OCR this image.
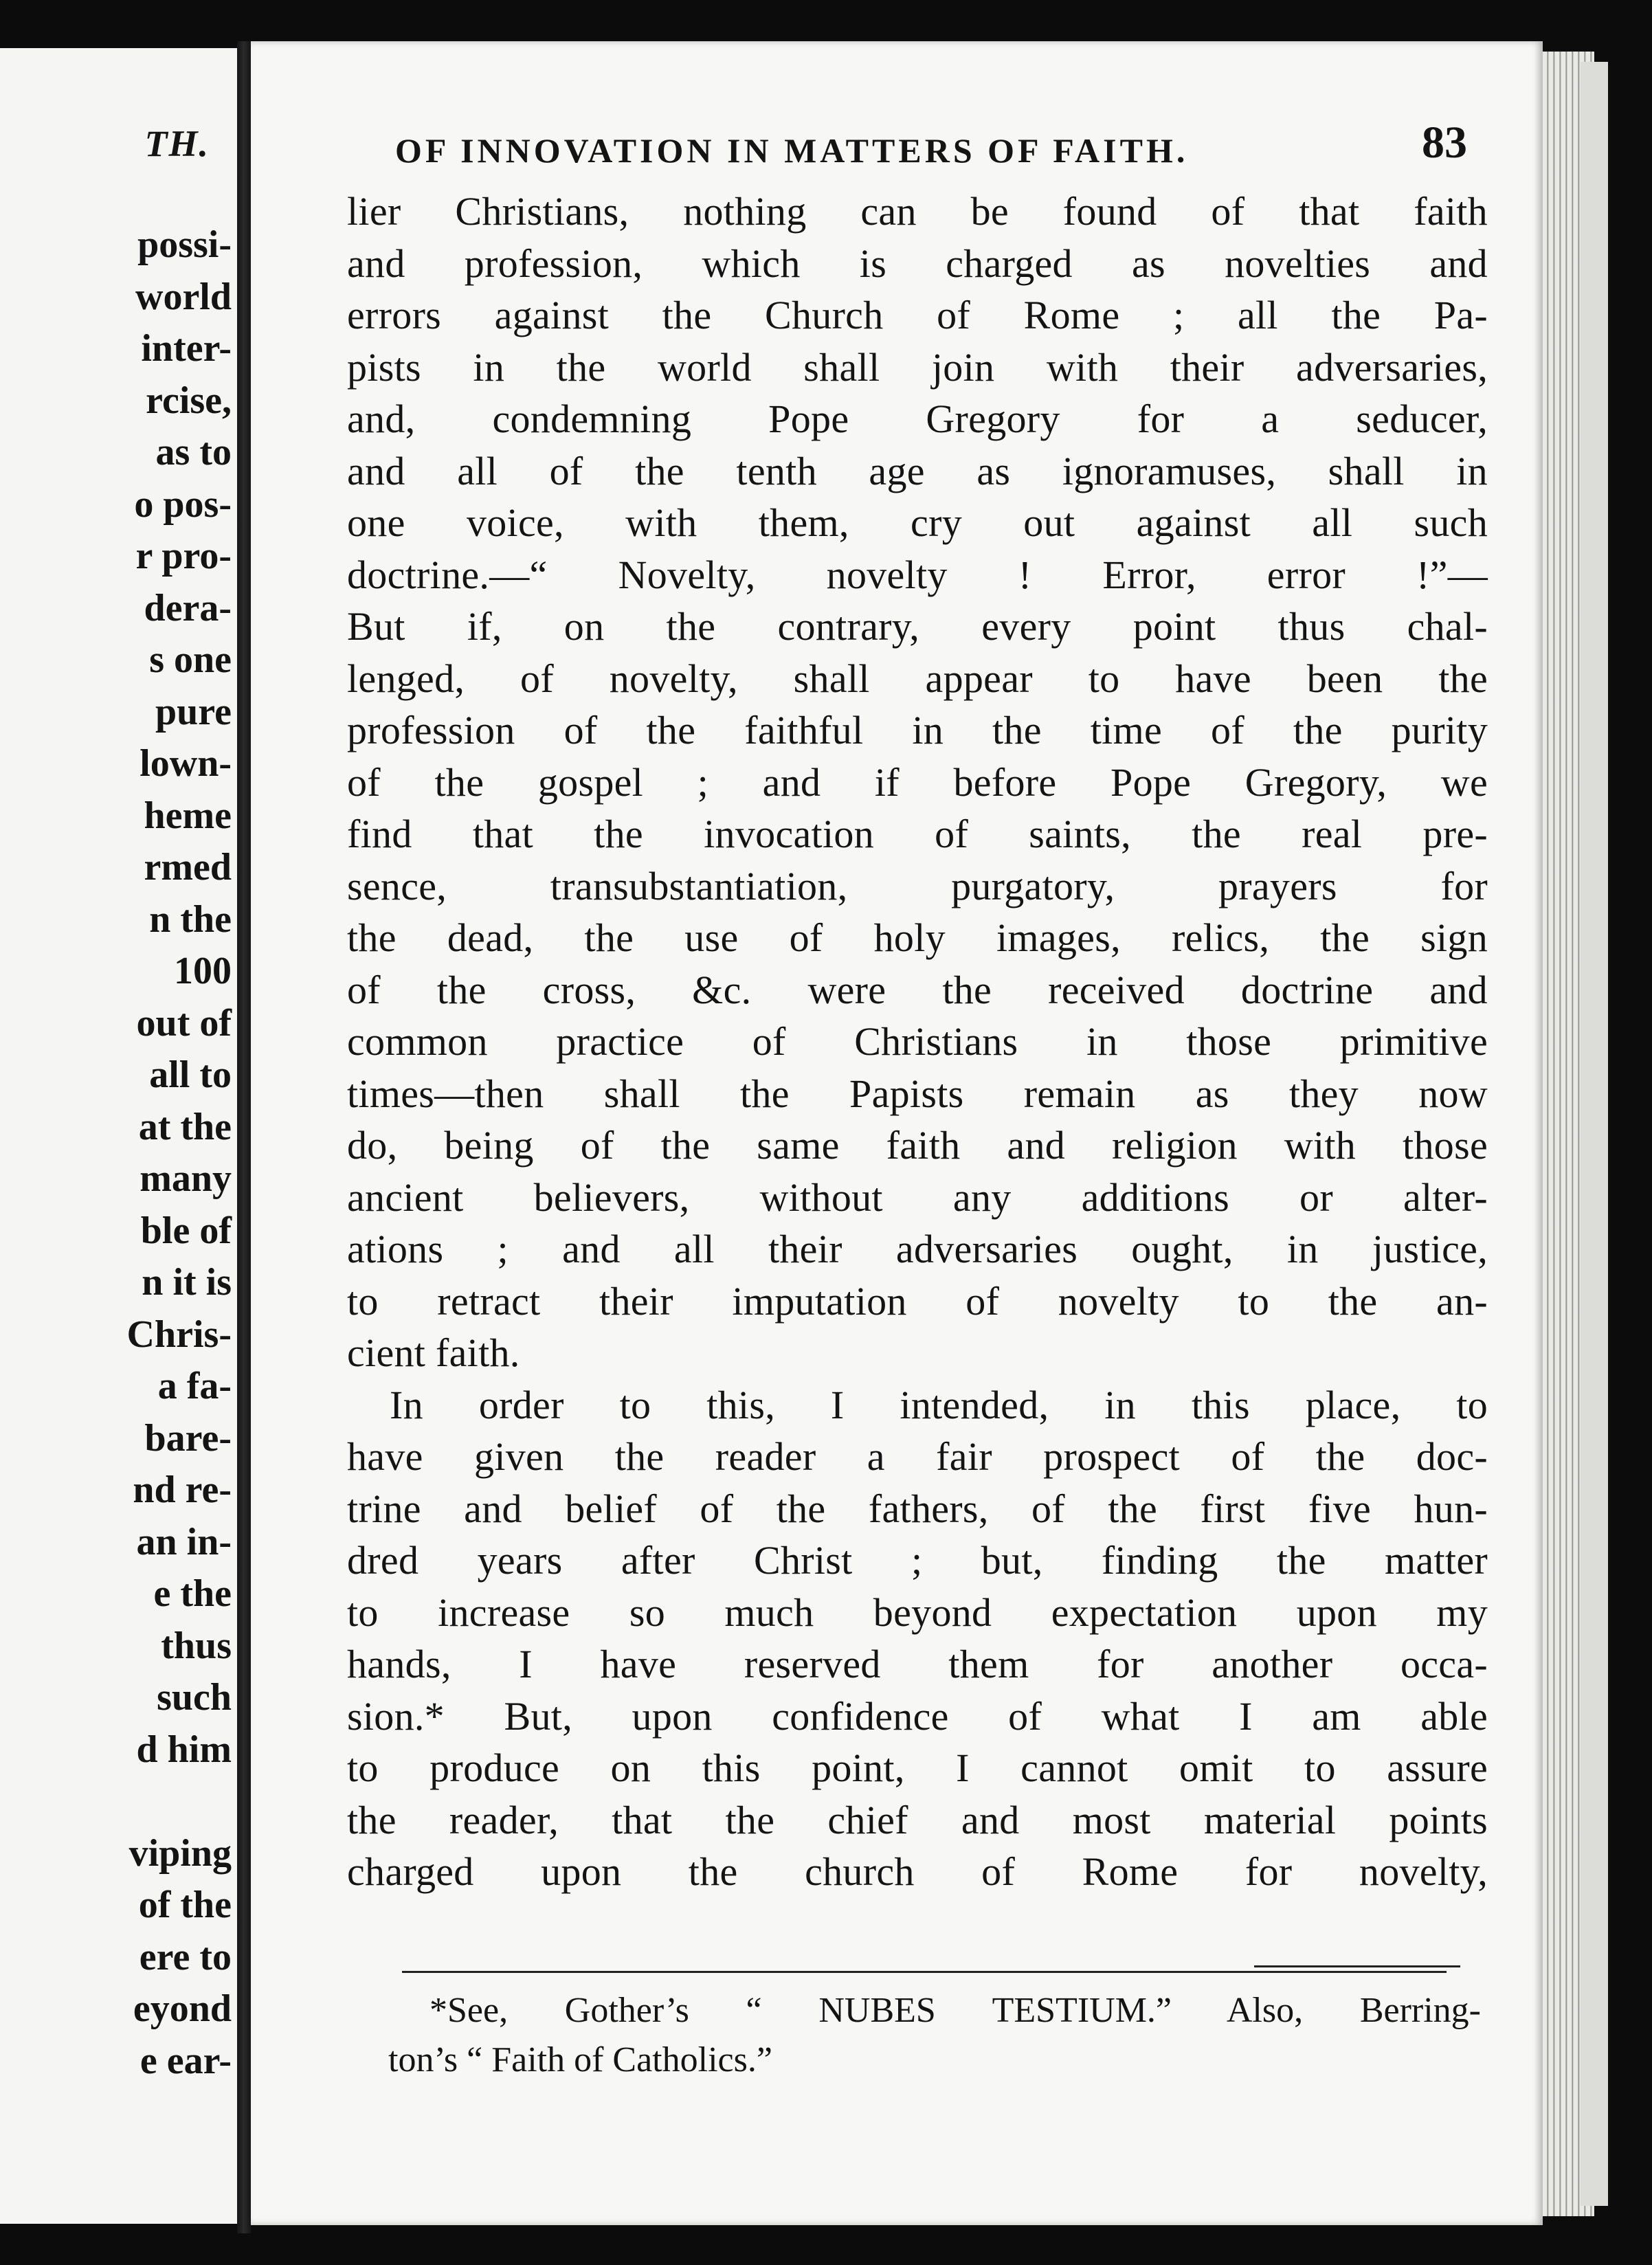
TH.

possi-

world

inter-

rcise,

as to

o pos-

r pro-

dera-

s one

pure

lown-

heme

rmed

n the

100

out of

all to

at the

many

ble of

n it is

Chris-

a fa-

bare-

nd re-

an in-

e the

thus

such

d him

viping

of the

ere to

eyond

e ear-

OF INNOVATION IN MATTERS OF FAITH.	83

lier Christians, nothing can be found of that faith

and profession, which is charged as novelties and

errors against the Church of Rome ; all the Pa-

pists in the world shall join with their adversaries,

and, condemning Pope Gregory for a seducer,

and all of the tenth age as ignoramuses, shall in

one voice, with them, cry out against all such

doctrine.—“ Novelty, novelty ! Error, error !”—

But if, on the contrary, every point thus chal-

lenged, of novelty, shall appear to have been the

profession of the faithful in the time of the purity

of the gospel ; and if before Pope Gregory, we

find that the invocation of saints, the real pre-

sence, transubstantiation, purgatory, prayers for

the dead, the use of holy images, relics, the sign

of the cross, &c. were the received doctrine and

common practice of Christians in those primitive

times—then shall the Papists remain as they now

do, being of the same faith and religion with those

ancient believers, without any additions or alter-

ations ; and all their adversaries ought, in justice,

to retract their imputation of novelty to the an-

cient faith.

In order to this, I intended, in this place, to

have given the reader a fair prospect of the doc-

trine and belief of the fathers, of the first five hun-

dred years after Christ ; but, finding the matter

to increase so much beyond expectation upon my

hands, I have reserved them for another occa-

sion.* But, upon confidence of what I am able

to produce on this point, I cannot omit to assure

the reader, that the chief and most material points

charged upon the church of Rome for novelty,

*See, Gother’s “ NUBES TESTIUM.” Also, Berring-

ton’s “ Faith of Catholics.”
